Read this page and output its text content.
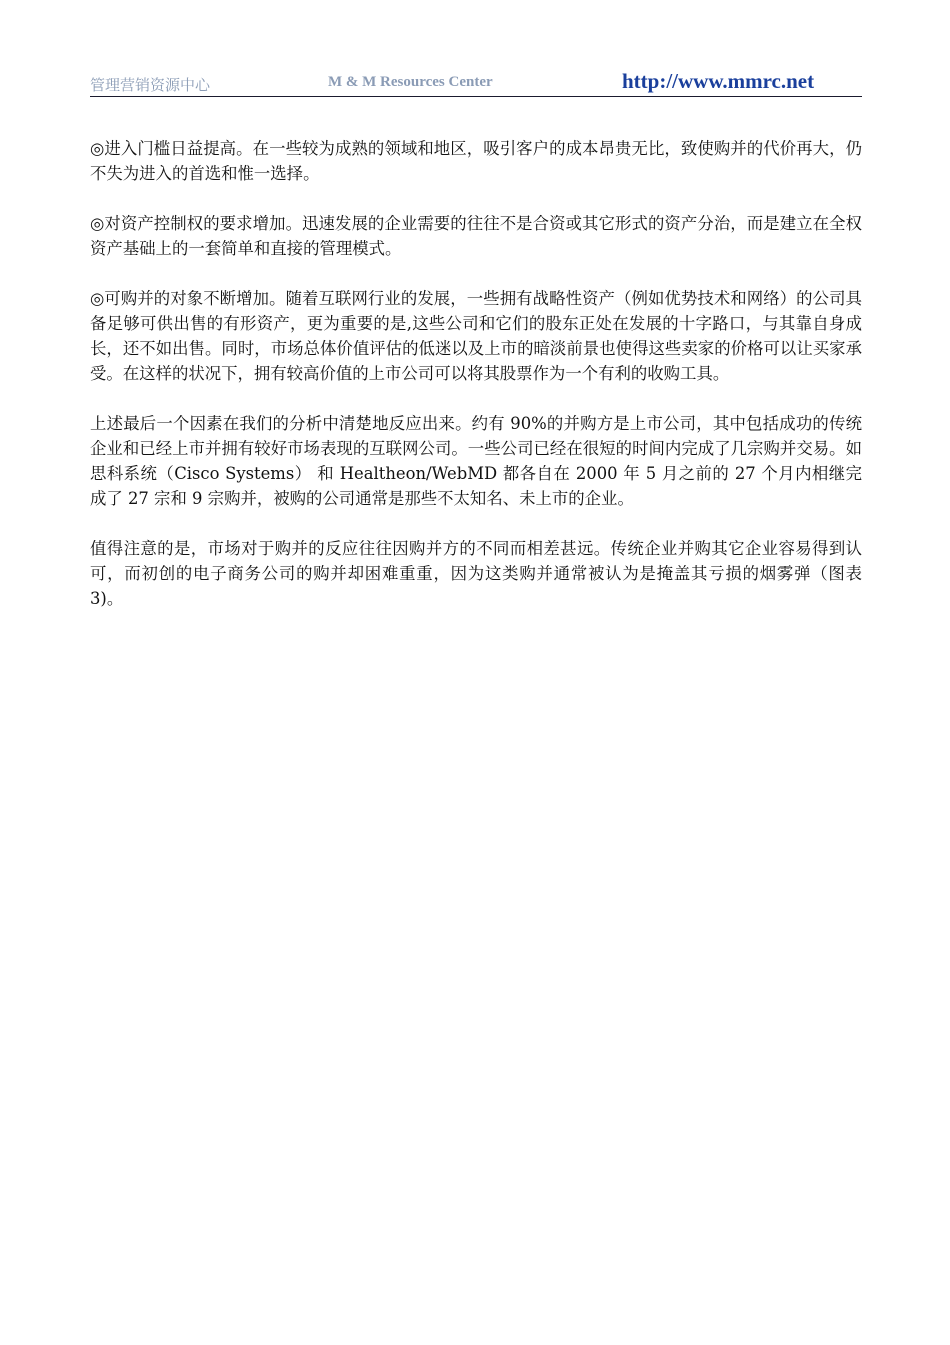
管理营销资源中心	M & M Resources Center	http://www.mmrc.net

◎进入门槛日益提高。在一些较为成熟的领域和地区，吸引客户的成本昂贵无比，致使购并的代价再大，仍不失为进入的首选和惟一选择。

◎对资产控制权的要求增加。迅速发展的企业需要的往往不是合资或其它形式的资产分治，而是建立在全权资产基础上的一套简单和直接的管理模式。

◎可购并的对象不断增加。随着互联网行业的发展，一些拥有战略性资产（例如优势技术和网络）的公司具备足够可供出售的有形资产，更为重要的是,这些公司和它们的股东正处在发展的十字路口，与其靠自身成长，还不如出售。同时，市场总体价值评估的低迷以及上市的暗淡前景也使得这些卖家的价格可以让买家承受。在这样的状况下，拥有较高价值的上市公司可以将其股票作为一个有利的收购工具。

上述最后一个因素在我们的分析中清楚地反应出来。约有 90%的并购方是上市公司，其中包括成功的传统企业和已经上市并拥有较好市场表现的互联网公司。一些公司已经在很短的时间内完成了几宗购并交易。如思科系统（Cisco Systems） 和 Healtheon/WebMD 都各自在 2000 年 5 月之前的 27 个月内相继完成了 27 宗和 9 宗购并，被购的公司通常是那些不太知名、未上市的企业。

值得注意的是，市场对于购并的反应往往因购并方的不同而相差甚远。传统企业并购其它企业容易得到认可，而初创的电子商务公司的购并却困难重重，因为这类购并通常被认为是掩盖其亏损的烟雾弹（图表 3)。
